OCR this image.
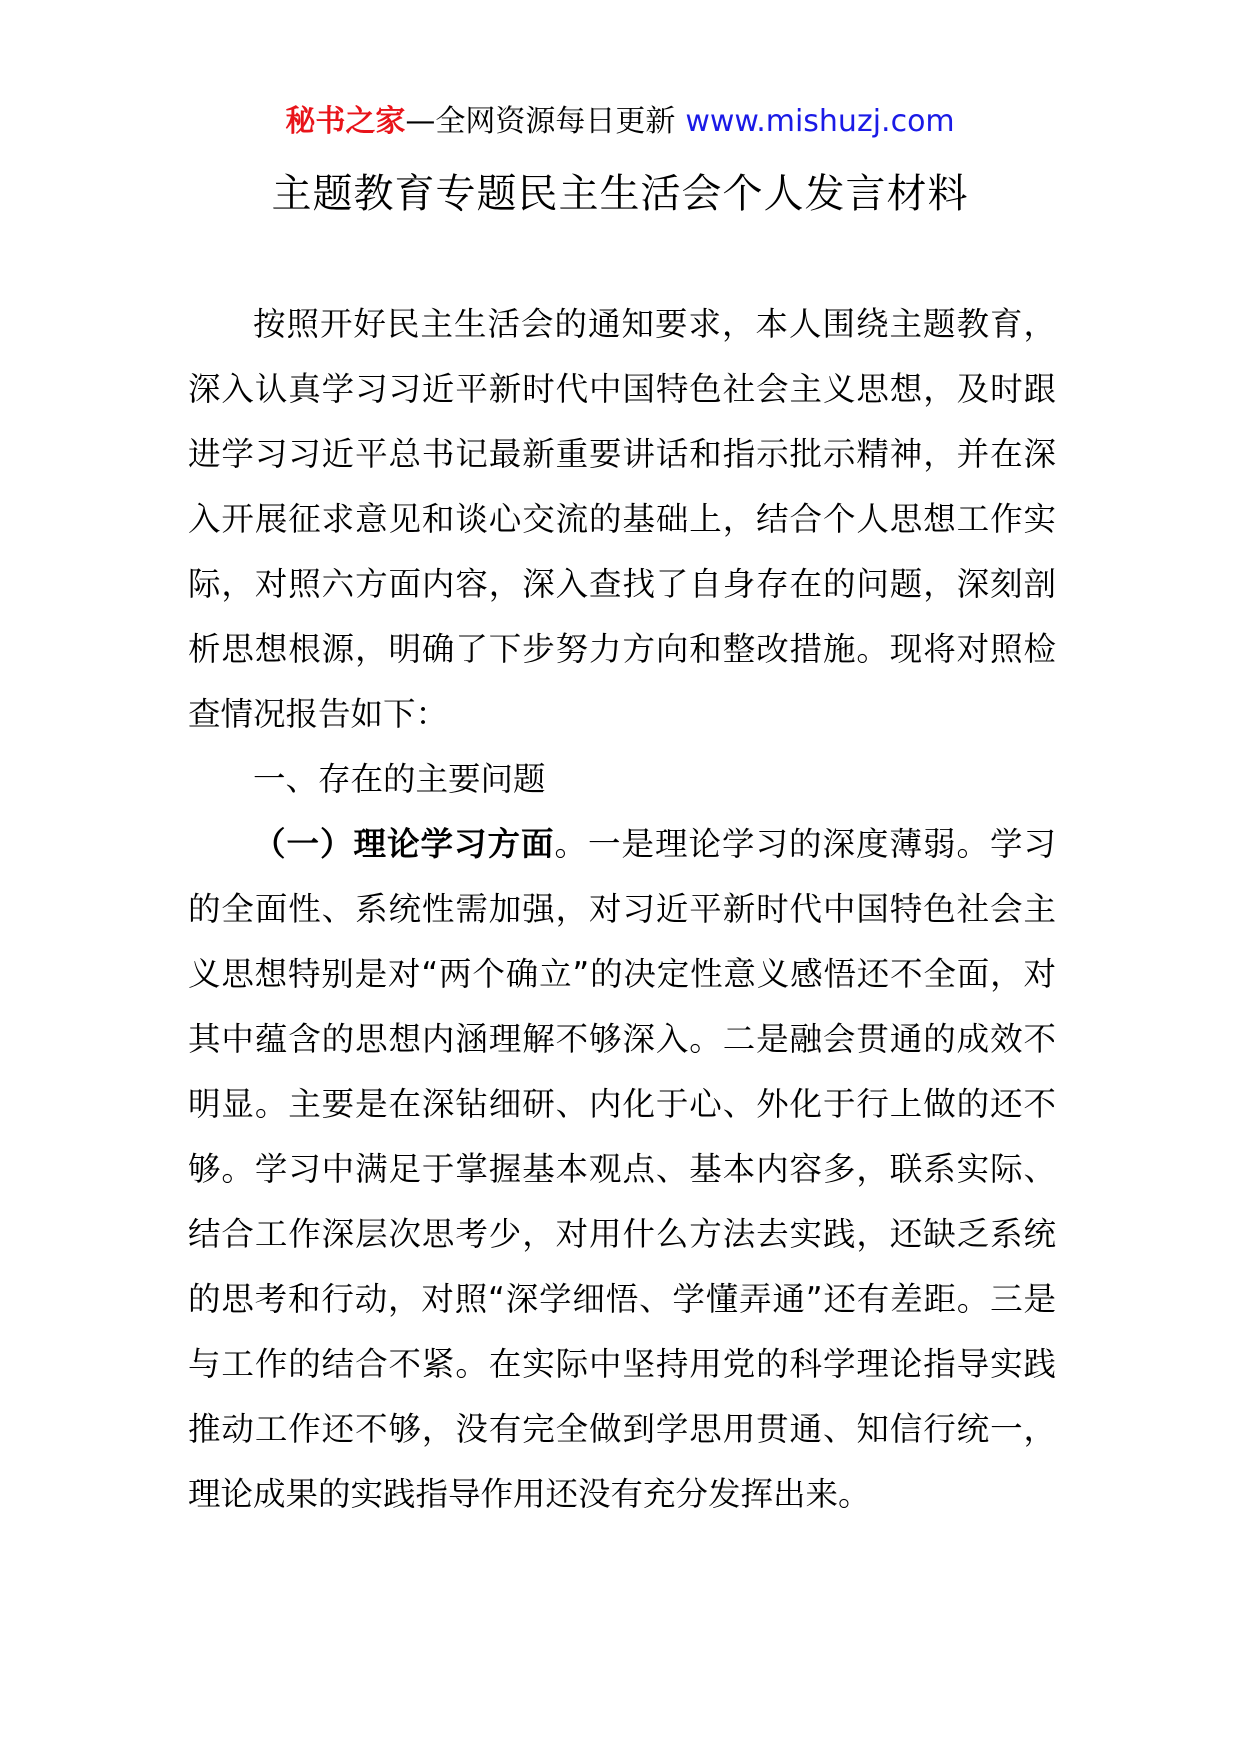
秘书之家—全网资源每日更新 www.mishuzj.com
主题教育专题民主生活会个人发言材料

按照开好民主生活会的通知要求，本人围绕主题教育，深入认真学习习近平新时代中国特色社会主义思想，及时跟进学习习近平总书记最新重要讲话和指示批示精神，并在深入开展征求意见和谈心交流的基础上，结合个人思想工作实际，对照六方面内容，深入查找了自身存在的问题，深刻剖析思想根源，明确了下步努力方向和整改措施。现将对照检查情况报告如下：

一、存在的主要问题

（一）理论学习方面。一是理论学习的深度薄弱。学习的全面性、系统性需加强，对习近平新时代中国特色社会主义思想特别是对“两个确立”的决定性意义感悟还不全面，对其中蕴含的思想内涵理解不够深入。二是融会贯通的成效不明显。主要是在深钻细研、内化于心、外化于行上做的还不够。学习中满足于掌握基本观点、基本内容多，联系实际、结合工作深层次思考少，对用什么方法去实践，还缺乏系统的思考和行动，对照“深学细悟、学懂弄通”还有差距。三是与工作的结合不紧。在实际中坚持用党的科学理论指导实践推动工作还不够，没有完全做到学思用贯通、知信行统一，理论成果的实践指导作用还没有充分发挥出来。
